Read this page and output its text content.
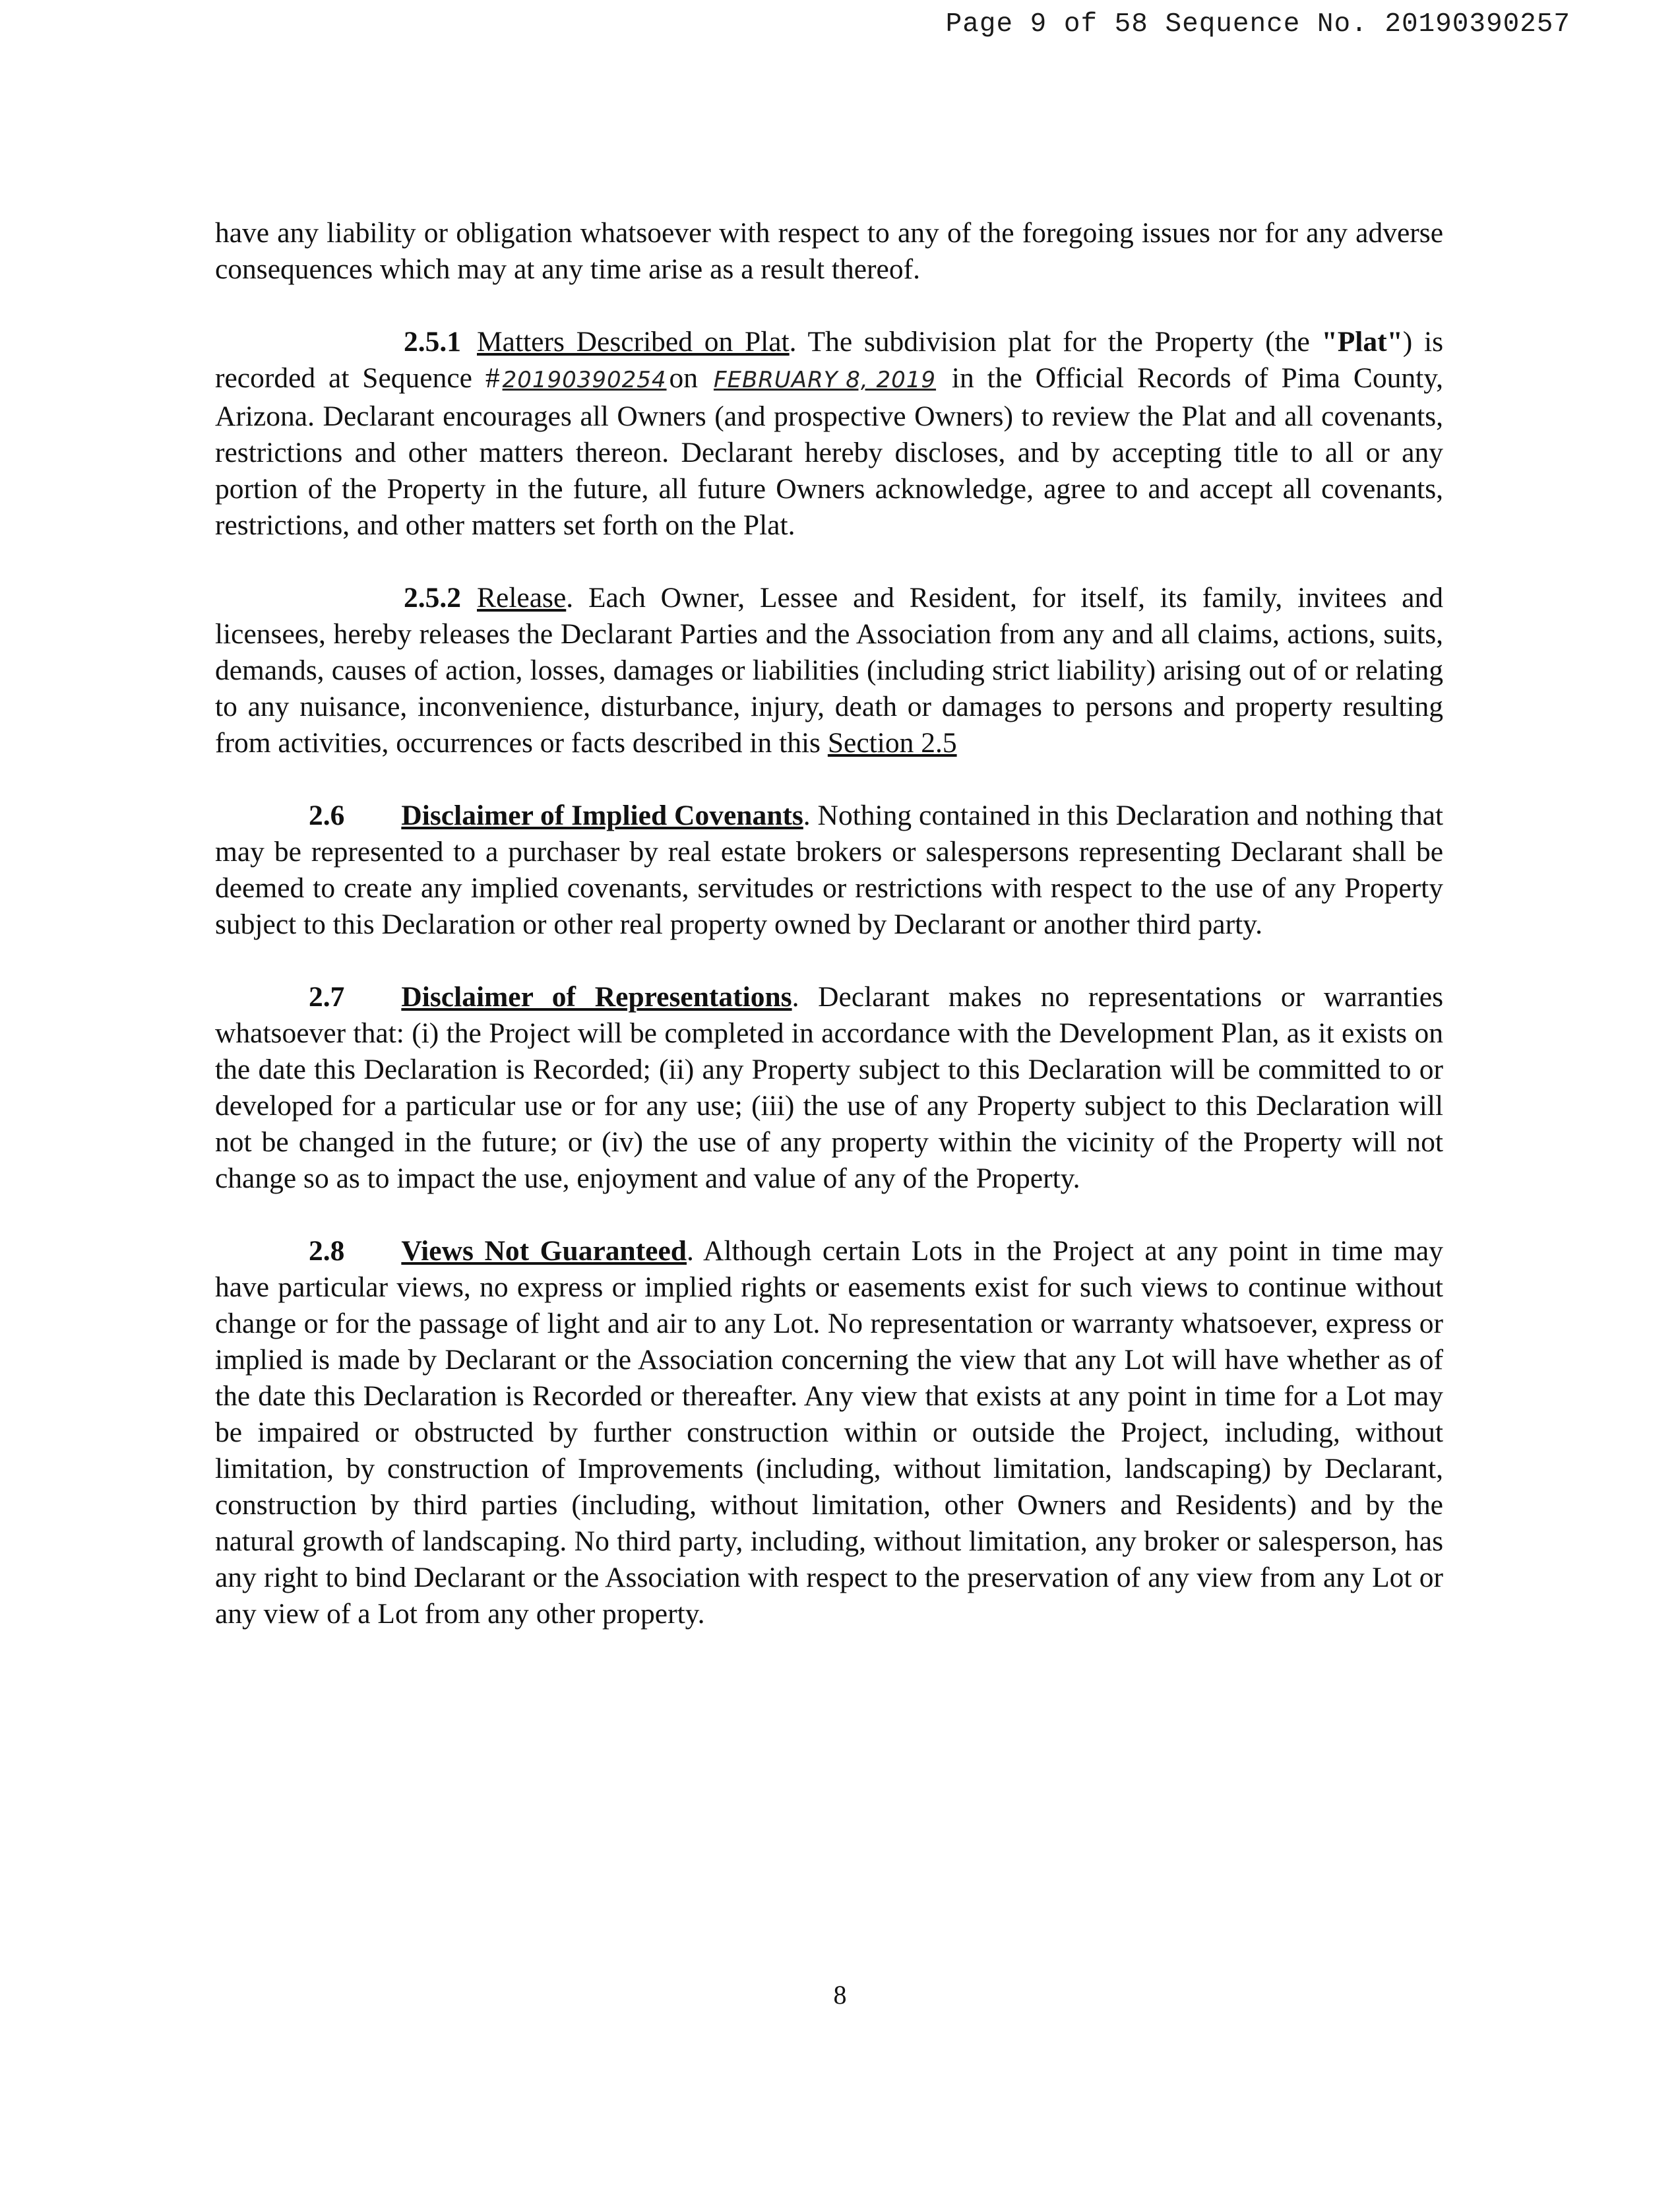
Page 9 of 58 Sequence No. 20190390257

have any liability or obligation whatsoever with respect to any of the foregoing issues nor for any adverse consequences which may at any time arise as a result thereof.

2.5.1 Matters Described on Plat. The subdivision plat for the Property (the "Plat") is recorded at Sequence # 20190390254on FEBRUARY 8, 2019 in the Official Records of Pima County, Arizona. Declarant encourages all Owners (and prospective Owners) to review the Plat and all covenants, restrictions and other matters thereon. Declarant hereby discloses, and by accepting title to all or any portion of the Property in the future, all future Owners acknowledge, agree to and accept all covenants, restrictions, and other matters set forth on the Plat.

2.5.2 Release. Each Owner, Lessee and Resident, for itself, its family, invitees and licensees, hereby releases the Declarant Parties and the Association from any and all claims, actions, suits, demands, causes of action, losses, damages or liabilities (including strict liability) arising out of or relating to any nuisance, inconvenience, disturbance, injury, death or damages to persons and property resulting from activities, occurrences or facts described in this Section 2.5

2.6 Disclaimer of Implied Covenants. Nothing contained in this Declaration and nothing that may be represented to a purchaser by real estate brokers or salespersons representing Declarant shall be deemed to create any implied covenants, servitudes or restrictions with respect to the use of any Property subject to this Declaration or other real property owned by Declarant or another third party.

2.7 Disclaimer of Representations. Declarant makes no representations or warranties whatsoever that: (i) the Project will be completed in accordance with the Development Plan, as it exists on the date this Declaration is Recorded; (ii) any Property subject to this Declaration will be committed to or developed for a particular use or for any use; (iii) the use of any Property subject to this Declaration will not be changed in the future; or (iv) the use of any property within the vicinity of the Property will not change so as to impact the use, enjoyment and value of any of the Property.

2.8 Views Not Guaranteed. Although certain Lots in the Project at any point in time may have particular views, no express or implied rights or easements exist for such views to continue without change or for the passage of light and air to any Lot. No representation or warranty whatsoever, express or implied is made by Declarant or the Association concerning the view that any Lot will have whether as of the date this Declaration is Recorded or thereafter. Any view that exists at any point in time for a Lot may be impaired or obstructed by further construction within or outside the Project, including, without limitation, by construction of Improvements (including, without limitation, landscaping) by Declarant, construction by third parties (including, without limitation, other Owners and Residents) and by the natural growth of landscaping. No third party, including, without limitation, any broker or salesperson, has any right to bind Declarant or the Association with respect to the preservation of any view from any Lot or any view of a Lot from any other property.

8
